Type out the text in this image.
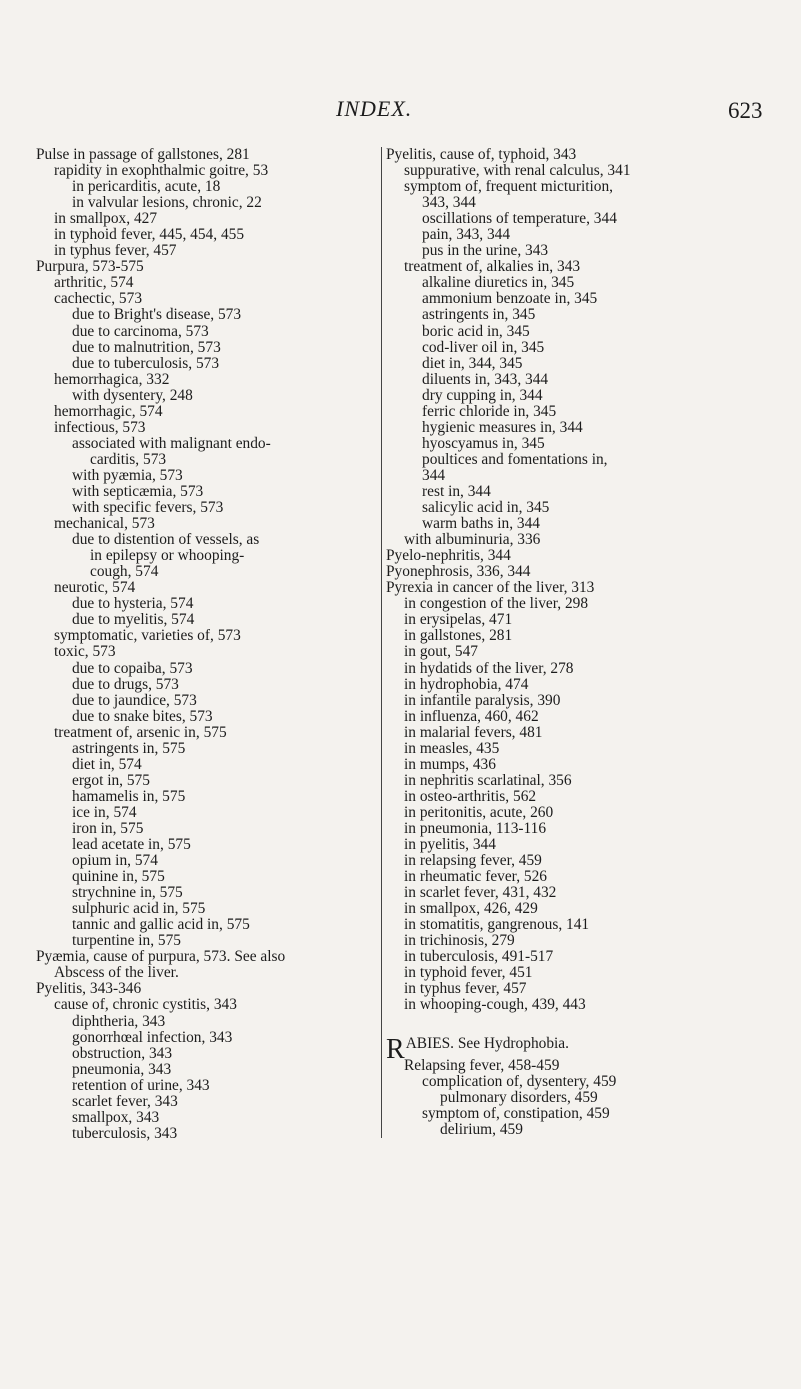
INDEX.	623
Pulse in passage of gallstones, 281
rapidity in exophthalmic goitre, 53
in pericarditis, acute, 18
in valvular lesions, chronic, 22
in smallpox, 427
in typhoid fever, 445, 454, 455
in typhus fever, 457
Purpura, 573-575
arthritic, 574
cachectic, 573
due to Bright's disease, 573
due to carcinoma, 573
due to malnutrition, 573
due to tuberculosis, 573
hemorrhagica, 332
with dysentery, 248
hemorrhagic, 574
infectious, 573
associated with malignant endo-
carditis, 573
with pyæmia, 573
with septicæmia, 573
with specific fevers, 573
mechanical, 573
due to distention of vessels, as
in epilepsy or whooping-
cough, 574
neurotic, 574
due to hysteria, 574
due to myelitis, 574
symptomatic, varieties of, 573
toxic, 573
due to copaiba, 573
due to drugs, 573
due to jaundice, 573
due to snake bites, 573
treatment of, arsenic in, 575
astringents in, 575
diet in, 574
ergot in, 575
hamamelis in, 575
ice in, 574
iron in, 575
lead acetate in, 575
opium in, 574
quinine in, 575
strychnine in, 575
sulphuric acid in, 575
tannic and gallic acid in, 575
turpentine in, 575
Pyæmia, cause of purpura, 573. See also
Abscess of the liver.
Pyelitis, 343-346
cause of, chronic cystitis, 343
diphtheria, 343
gonorrhœal infection, 343
obstruction, 343
pneumonia, 343
retention of urine, 343
scarlet fever, 343
smallpox, 343
tuberculosis, 343
Pyelitis, cause of, typhoid, 343
suppurative, with renal calculus, 341
symptom of, frequent micturition,
343, 344
oscillations of temperature, 344
pain, 343, 344
pus in the urine, 343
treatment of, alkalies in, 343
alkaline diuretics in, 345
ammonium benzoate in, 345
astringents in, 345
boric acid in, 345
cod-liver oil in, 345
diet in, 344, 345
diluents in, 343, 344
dry cupping in, 344
ferric chloride in, 345
hygienic measures in, 344
hyoscyamus in, 345
poultices and fomentations in,
344
rest in, 344
salicylic acid in, 345
warm baths in, 344
with albuminuria, 336
Pyelo-nephritis, 344
Pyonephrosis, 336, 344
Pyrexia in cancer of the liver, 313
in congestion of the liver, 298
in erysipelas, 471
in gallstones, 281
in gout, 547
in hydatids of the liver, 278
in hydrophobia, 474
in infantile paralysis, 390
in influenza, 460, 462
in malarial fevers, 481
in measles, 435
in mumps, 436
in nephritis scarlatinal, 356
in osteo-arthritis, 562
in peritonitis, acute, 260
in pneumonia, 113-116
in pyelitis, 344
in relapsing fever, 459
in rheumatic fever, 526
in scarlet fever, 431, 432
in smallpox, 426, 429
in stomatitis, gangrenous, 141
in trichinosis, 279
in tuberculosis, 491-517
in typhoid fever, 451
in typhus fever, 457
in whooping-cough, 439, 443
RABIES. See Hydrophobia.
Relapsing fever, 458-459
complication of, dysentery, 459
pulmonary disorders, 459
symptom of, constipation, 459
delirium, 459
